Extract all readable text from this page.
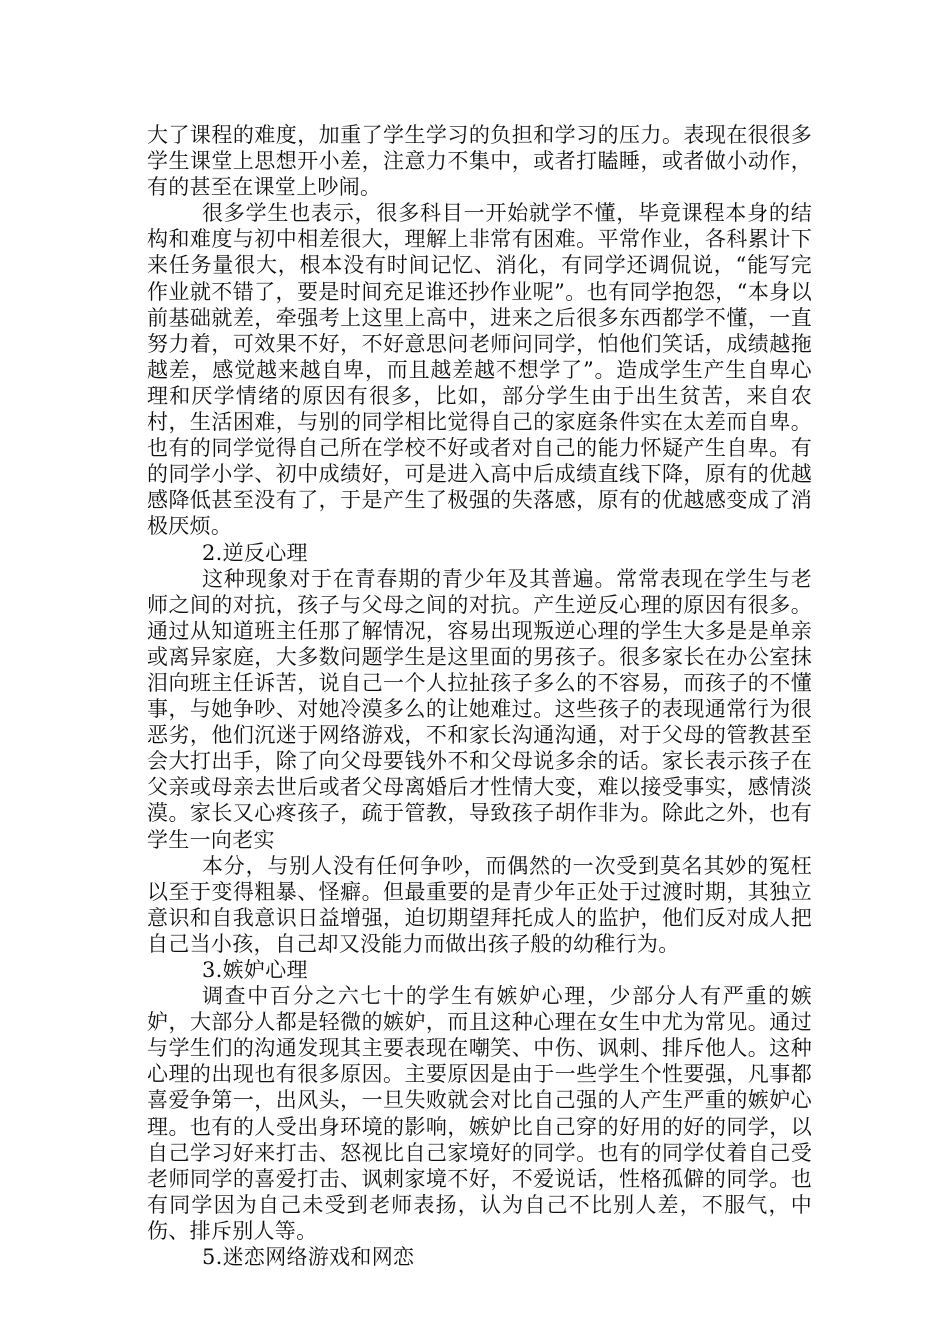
大了课程的难度，加重了学生学习的负担和学习的压力。表现在很很多学生课堂上思想开小差，注意力不集中，或者打瞌睡，或者做小动作，有的甚至在课堂上吵闹。

很多学生也表示，很多科目一开始就学不懂，毕竟课程本身的结构和难度与初中相差很大，理解上非常有困难。平常作业，各科累计下来任务量很大，根本没有时间记忆、消化，有同学还调侃说，“能写完作业就不错了，要是时间充足谁还抄作业呢”。也有同学抱怨，“本身以前基础就差，牵强考上这里上高中，进来之后很多东西都学不懂，一直努力着，可效果不好，不好意思问老师问同学，怕他们笑话，成绩越拖越差，感觉越来越自卑，而且越差越不想学了”。造成学生产生自卑心理和厌学情绪的原因有很多，比如，部分学生由于出生贫苦，来自农村，生活困难，与别的同学相比觉得自己的家庭条件实在太差而自卑。也有的同学觉得自己所在学校不好或者对自己的能力怀疑产生自卑。有的同学小学、初中成绩好，可是进入高中后成绩直线下降，原有的优越感降低甚至没有了，于是产生了极强的失落感，原有的优越感变成了消极厌烦。

2.逆反心理

这种现象对于在青春期的青少年及其普遍。常常表现在学生与老师之间的对抗，孩子与父母之间的对抗。产生逆反心理的原因有很多。通过从知道班主任那了解情况，容易出现叛逆心理的学生大多是是单亲或离异家庭，大多数问题学生是这里面的男孩子。很多家长在办公室抹泪向班主任诉苦，说自己一个人拉扯孩子多么的不容易，而孩子的不懂事，与她争吵、对她冷漠多么的让她难过。这些孩子的表现通常行为很恶劣，他们沉迷于网络游戏，不和家长沟通沟通，对于父母的管教甚至会大打出手，除了向父母要钱外不和父母说多余的话。家长表示孩子在父亲或母亲去世后或者父母离婚后才性情大变，难以接受事实，感情淡漠。家长又心疼孩子，疏于管教，导致孩子胡作非为。除此之外，也有学生一向老实

本分，与别人没有任何争吵，而偶然的一次受到莫名其妙的冤枉以至于变得粗暴、怪癖。但最重要的是青少年正处于过渡时期，其独立意识和自我意识日益增强，迫切期望拜托成人的监护，他们反对成人把自己当小孩，自己却又没能力而做出孩子般的幼稚行为。

3.嫉妒心理

调查中百分之六七十的学生有嫉妒心理，少部分人有严重的嫉妒，大部分人都是轻微的嫉妒，而且这种心理在女生中尤为常见。通过与学生们的沟通发现其主要表现在嘲笑、中伤、讽刺、排斥他人。这种心理的出现也有很多原因。主要原因是由于一些学生个性要强，凡事都喜爱争第一，出风头，一旦失败就会对比自己强的人产生严重的嫉妒心理。也有的人受出身环境的影响，嫉妒比自己穿的好用的好的同学，以自己学习好来打击、怒视比自己家境好的同学。也有的同学仗着自己受老师同学的喜爱打击、讽刺家境不好，不爱说话，性格孤僻的同学。也有同学因为自己未受到老师表扬，认为自己不比别人差，不服气，中伤、排斥别人等。

5.迷恋网络游戏和网恋
